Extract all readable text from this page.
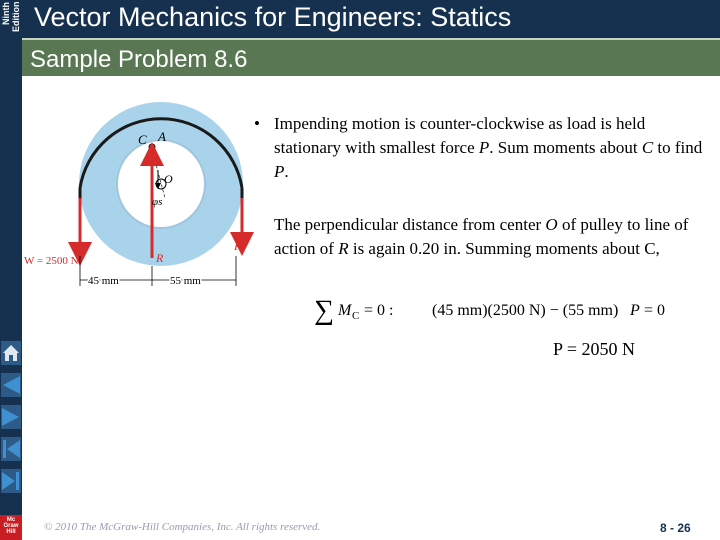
Ninth Edition
Mc
Graw
Hill
Vector Mechanics for Engineers: Statics
Sample Problem 8.6
C A
O
φs
W = 2500 N	R
P
45 mm	55 mm
• Impending motion is counter-clockwise as load is held stationary with smallest force P. Sum moments about C to find P.
The perpendicular distance from center O of pulley to line of action of R is again 0.20 in. Summing moments about C,
∑ M C = 0 : (45 mm)(2500 N) − (55 mm) P = 0
P = 2050 N
© 2010 The McGraw-Hill Companies, Inc. All rights reserved.	8 - 26
